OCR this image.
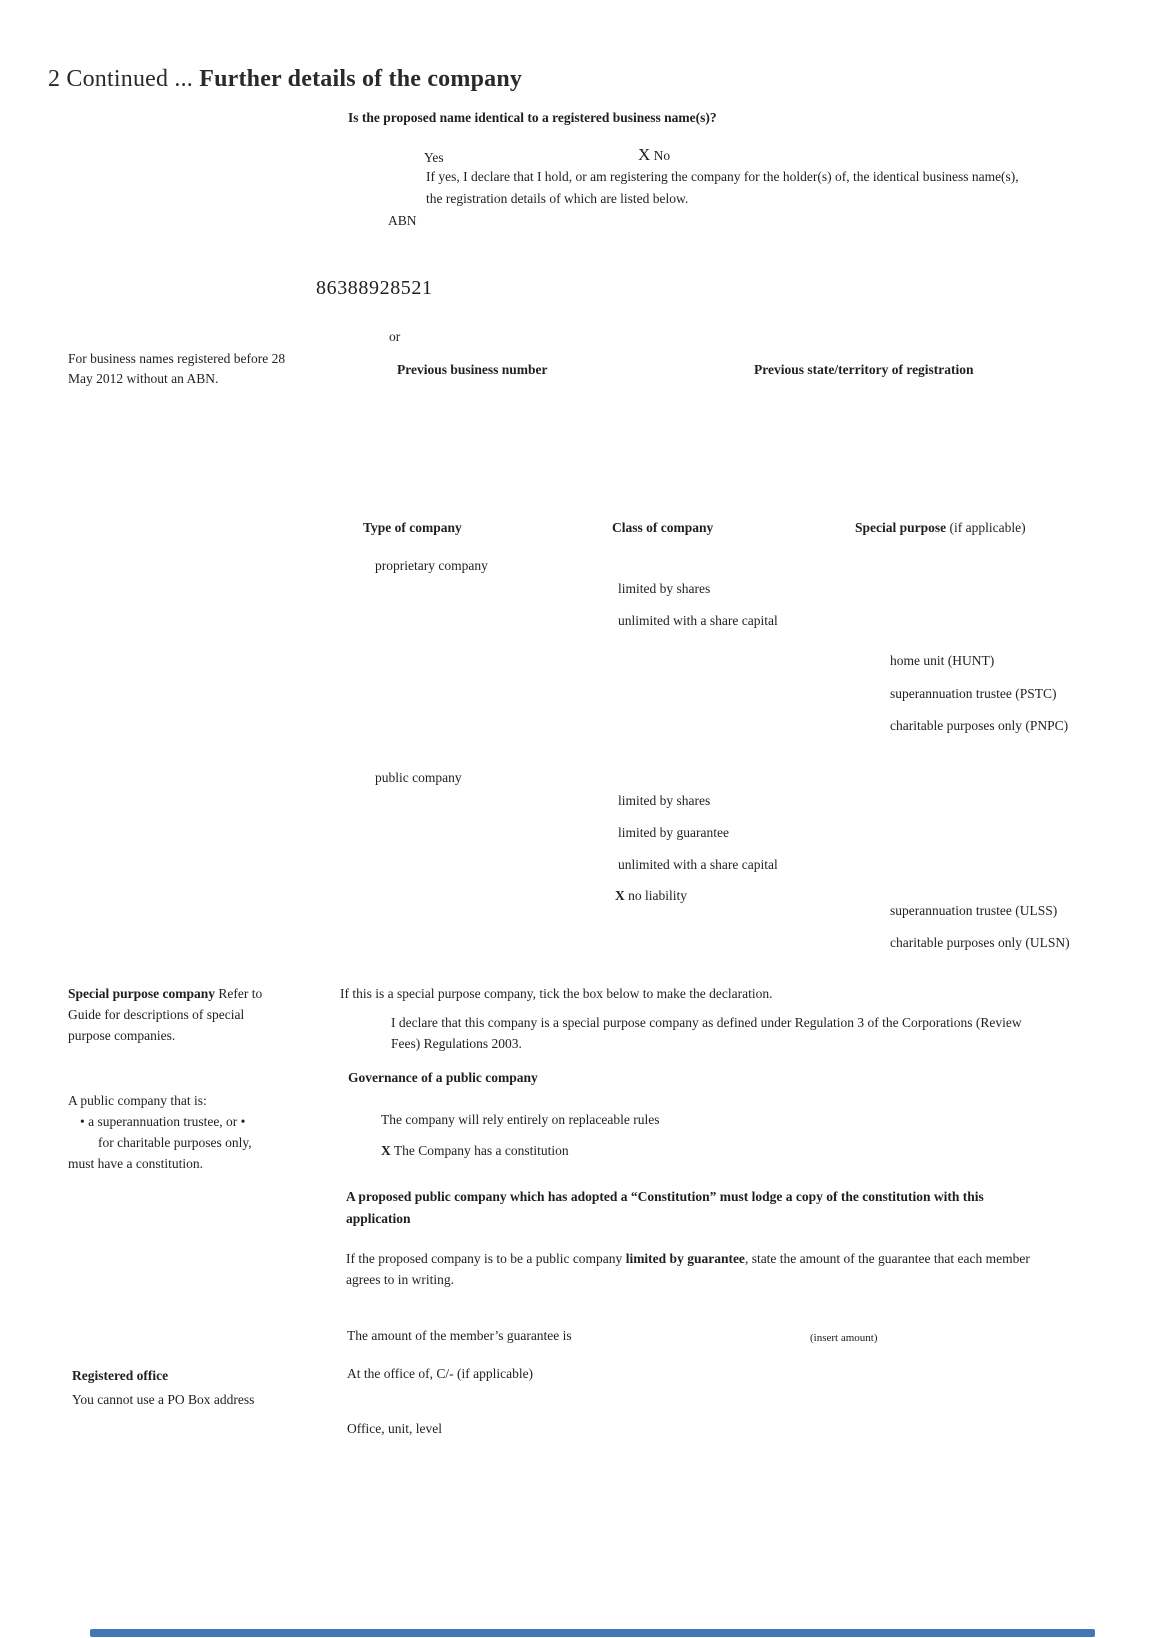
2 Continued ... Further details of the company
Is the proposed name identical to a registered business name(s)?
Yes	X No
If yes, I declare that I hold, or am registering the company for the holder(s) of, the identical business name(s),
the registration details of which are listed below.
ABN
86388928521
or
For business names registered before 28
May 2012 without an ABN.
Previous business number	Previous state/territory of registration
Type of company	Class of company	Special purpose (if applicable)
proprietary company
limited by shares
unlimited with a share capital
home unit (HUNT)
superannuation trustee (PSTC)
charitable purposes only (PNPC)
public company
limited by shares
limited by guarantee
unlimited with a share capital
X no liability
superannuation trustee (ULSS)
charitable purposes only (ULSN)
Special purpose company Refer to
Guide for descriptions of special
purpose companies.
If this is a special purpose company, tick the box below to make the declaration.
I declare that this company is a special purpose company as defined under Regulation 3 of the Corporations (Review
Fees) Regulations 2003.
Governance of a public company
A public company that is:
• a superannuation trustee, or •
for charitable purposes only,
must have a constitution.
The company will rely entirely on replaceable rules
X The Company has a constitution
A proposed public company which has adopted a “Constitution” must lodge a copy of the constitution with this
application
If the proposed company is to be a public company limited by guarantee, state the amount of the guarantee that each member
agrees to in writing.
The amount of the member’s guarantee is	(insert amount)
At the office of, C/- (if applicable)
Registered office
You cannot use a PO Box address
Office, unit, level
